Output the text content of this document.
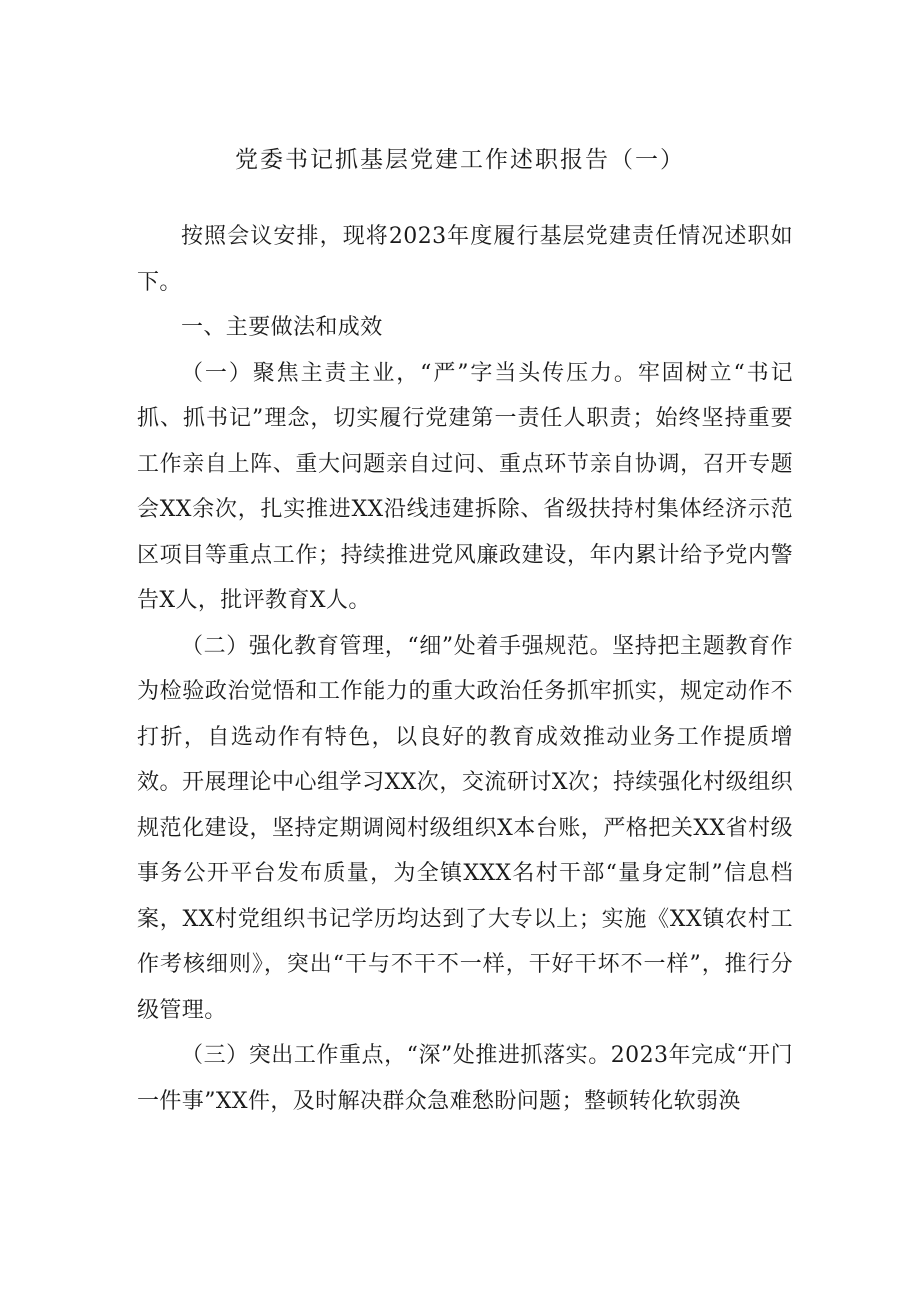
党委书记抓基层党建工作述职报告（一）

按照会议安排，现将2023年度履行基层党建责任情况述职如下。

一、主要做法和成效

（一）聚焦主责主业，“严”字当头传压力。牢固树立“书记抓、抓书记”理念，切实履行党建第一责任人职责；始终坚持重要工作亲自上阵、重大问题亲自过问、重点环节亲自协调，召开专题会XX余次，扎实推进XX沿线违建拆除、省级扶持村集体经济示范区项目等重点工作；持续推进党风廉政建设，年内累计给予党内警告X人，批评教育X人。

（二）强化教育管理，“细”处着手强规范。坚持把主题教育作为检验政治觉悟和工作能力的重大政治任务抓牢抓实，规定动作不打折，自选动作有特色，以良好的教育成效推动业务工作提质增效。开展理论中心组学习XX次，交流研讨X次；持续强化村级组织规范化建设，坚持定期调阅村级组织X本台账，严格把关XX省村级事务公开平台发布质量，为全镇XXX名村干部“量身定制”信息档案，XX村党组织书记学历均达到了大专以上；实施《XX镇农村工作考核细则》，突出“干与不干不一样，干好干坏不一样”，推行分级管理。

（三）突出工作重点，“深”处推进抓落实。2023年完成“开门一件事”XX件，及时解决群众急难愁盼问题；整顿转化软弱涣
